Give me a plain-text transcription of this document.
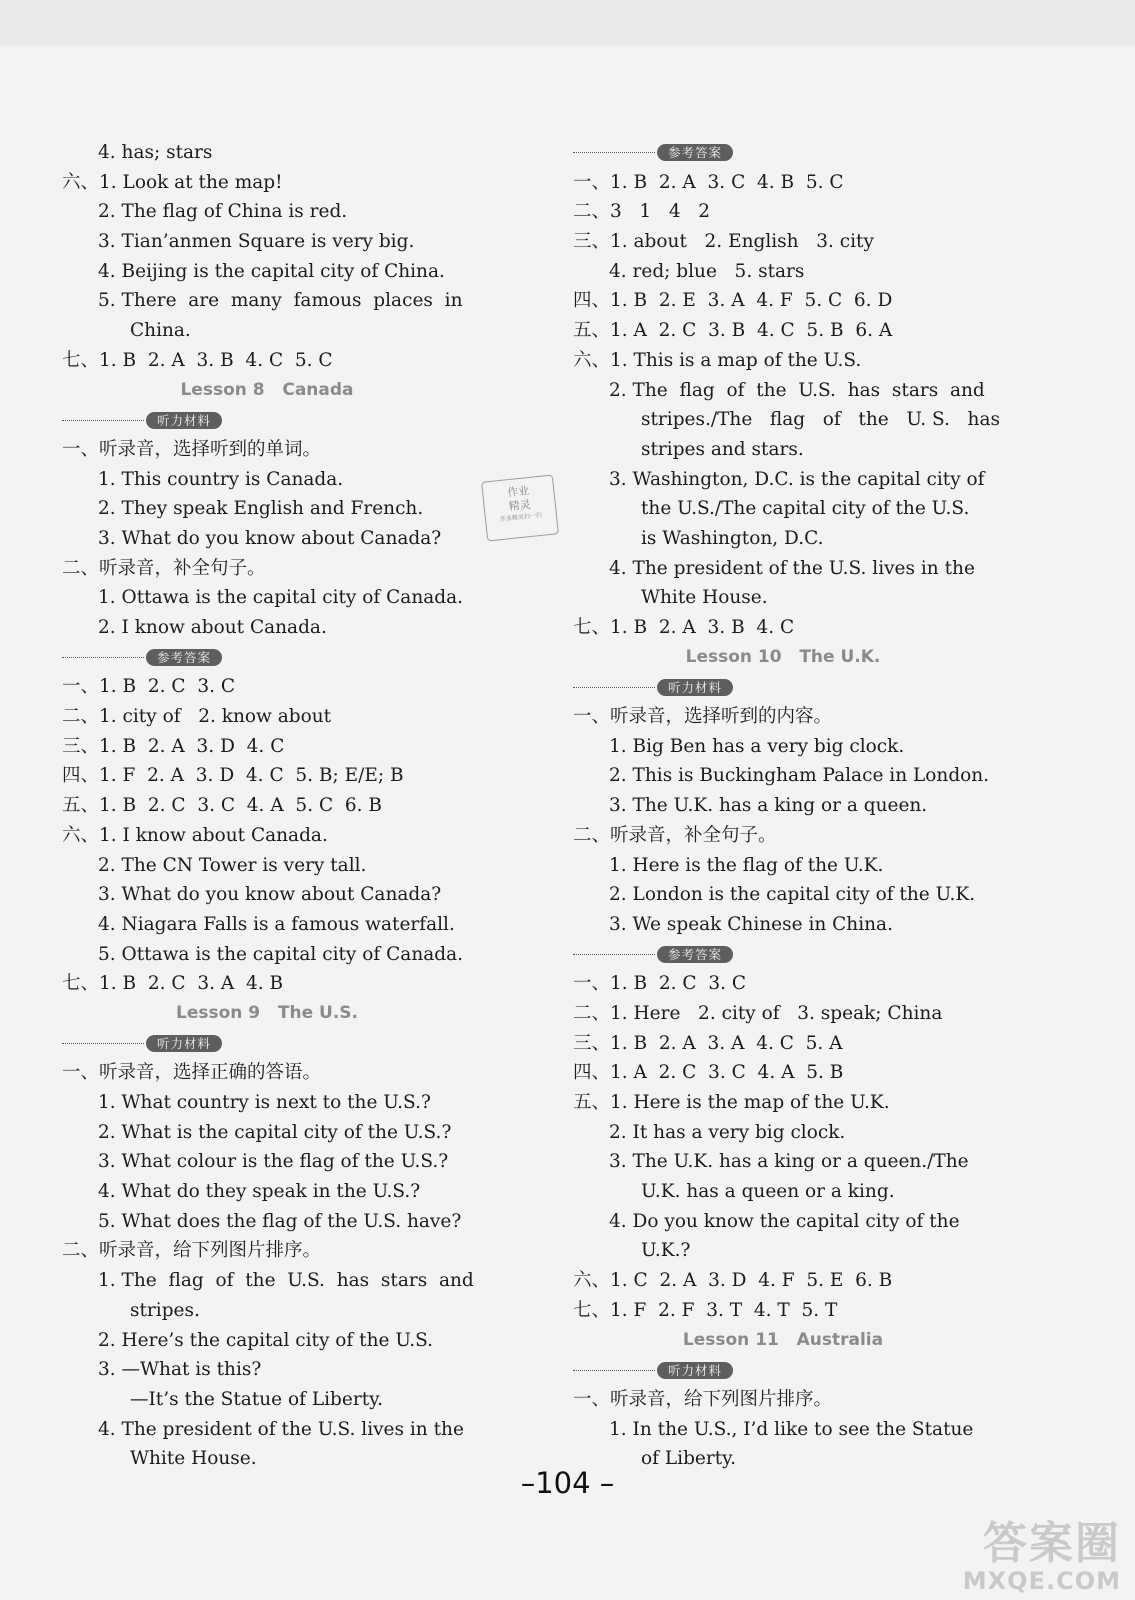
4. has; stars
六、1. Look at the map!
2. The flag of China is red.
3. Tian’anmen Square is very big.
4. Beijing is the capital city of China.
5. There  are  many  famous  places  in
China.
七、1. B  2. A  3. B  4. C  5. C
Lesson 8   Canada
听力材料
一、听录音，选择听到的单词。
1. This country is Canada.
2. They speak English and French.
3. What do you know about Canada?
二、听录音，补全句子。
1. Ottawa is the capital city of Canada.
2. I know about Canada.
参考答案
一、1. B  2. C  3. C
二、1. city of   2. know about
三、1. B  2. A  3. D  4. C
四、1. F  2. A  3. D  4. C  5. B; E/E; B
五、1. B  2. C  3. C  4. A  5. C  6. B
六、1. I know about Canada.
2. The CN Tower is very tall.
3. What do you know about Canada?
4. Niagara Falls is a famous waterfall.
5. Ottawa is the capital city of Canada.
七、1. B  2. C  3. A  4. B
Lesson 9   The U.S.
听力材料
一、听录音，选择正确的答语。
1. What country is next to the U.S.?
2. What is the capital city of the U.S.?
3. What colour is the flag of the U.S.?
4. What do they speak in the U.S.?
5. What does the flag of the U.S. have?
二、听录音，给下列图片排序。
1. The  flag  of  the  U.S.  has  stars  and
stripes.
2. Here’s the capital city of the U.S.
3. —What is this?
—It’s the Statue of Liberty.
4. The president of the U.S. lives in the
White House.
参考答案
一、1. B  2. A  3. C  4. B  5. C
二、3   1   4   2
三、1. about   2. English   3. city
4. red; blue   5. stars
四、1. B  2. E  3. A  4. F  5. C  6. D
五、1. A  2. C  3. B  4. C  5. B  6. A
六、1. This is a map of the U.S.
2. The  flag  of  the  U.S.  has  stars  and
stripes./The   flag   of   the   U. S.   has
stripes and stars.
3. Washington, D.C. is the capital city of
the U.S./The capital city of the U.S.
is Washington, D.C.
4. The president of the U.S. lives in the
White House.
七、1. B  2. A  3. B  4. C
Lesson 10   The U.K.
听力材料
一、听录音，选择听到的内容。
1. Big Ben has a very big clock.
2. This is Buckingham Palace in London.
3. The U.K. has a king or a queen.
二、听录音，补全句子。
1. Here is the flag of the U.K.
2. London is the capital city of the U.K.
3. We speak Chinese in China.
参考答案
一、1. B  2. C  3. C
二、1. Here   2. city of   3. speak; China
三、1. B  2. A  3. A  4. C  5. A
四、1. A  2. C  3. C  4. A  5. B
五、1. Here is the map of the U.K.
2. It has a very big clock.
3. The U.K. has a king or a queen./The
U.K. has a queen or a king.
4. Do you know the capital city of the
U.K.?
六、1. C  2. A  3. D  4. F  5. E  6. B
七、1. F  2. F  3. T  4. T  5. T
Lesson 11   Australia
听力材料
一、听录音，给下列图片排序。
1. In the U.S., I’d like to see the Statue
of Liberty.
作业
精灵
作业精灵扫一扫
–104 –
答案圈
MXQE.COM
